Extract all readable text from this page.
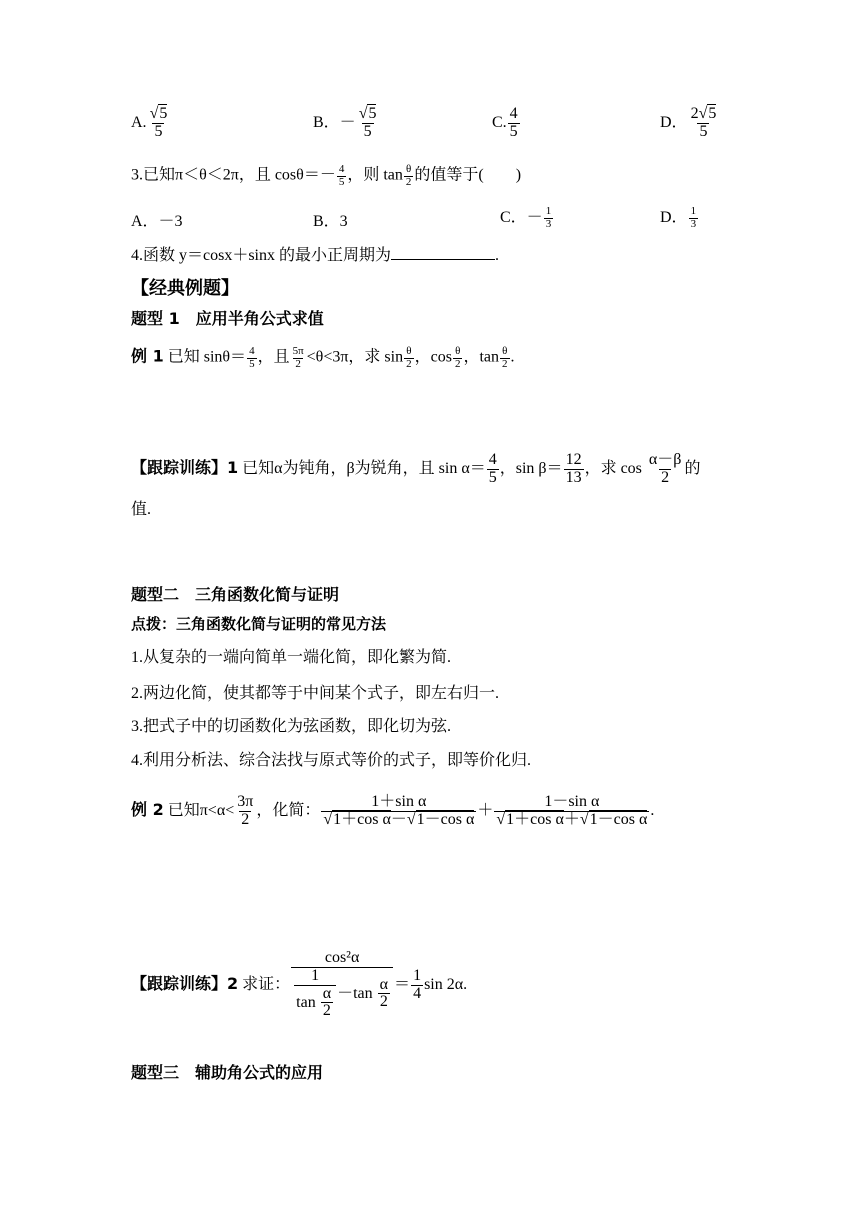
A. $\frac{√5}{5}$	B．－ $\frac{√5}{5}$	C. $\frac{4}{5}$	D． $\frac{2√5}{5}$
3.已知π＜θ＜2π，且 $\cos\theta=- \frac{4}{5}$ ，则 $\tan \frac{\theta}{2}$ 的值等于(　　)
A．－3	B．3	C．－ $\frac{1}{3}$	D． $\frac{1}{3}$
4.函数 y＝cosx＋sinx 的最小正周期为	.
【经典例题】
题型 1　应用半角公式求值
例 1 已知 $\sin\theta= \frac{4}{5}$ ，且 $\frac{5\pi}{2} <\theta<3\pi$，求 $\sin \frac{\theta}{2}$ ，$\cos \frac{\theta}{2}$ ，$\tan \frac{\theta}{2}$ .
【跟踪训练】1 已知α为钝角，β为锐角，且 $\sin \alpha= \frac{4}{5}$ ，$\sin \beta= \frac{12}{13}$ ，求 $\cos \frac{\alpha-\beta}{2}$ 的
值.
题型二　三角函数化简与证明
点拨：三角函数化简与证明的常见方法
1.从复杂的一端向简单一端化简，即化繁为简.
2.两边化简，使其都等于中间某个式子，即左右归一.
3.把式子中的切函数化为弦函数，即化切为弦.
4.利用分析法、综合法找与原式等价的式子，即等价化归.
例 2 已知$\pi<\alpha< \frac{3\pi}{2}$ ，化简： $\frac{\text{1＋sin α}}{\text{√1＋cos α－√1－cos α}} + \frac{\text{1－sin α}}{\text{√1＋cos α＋√1－cos α}}$ .
【跟踪训练】2 求证： $\frac{\text{cos²α}}{\frac{1}{\tan \frac{\alpha}{2}} -\tan \frac{\alpha}{2}} = \frac{1}{4}$ sin 2α.
题型三　辅助角公式的应用
